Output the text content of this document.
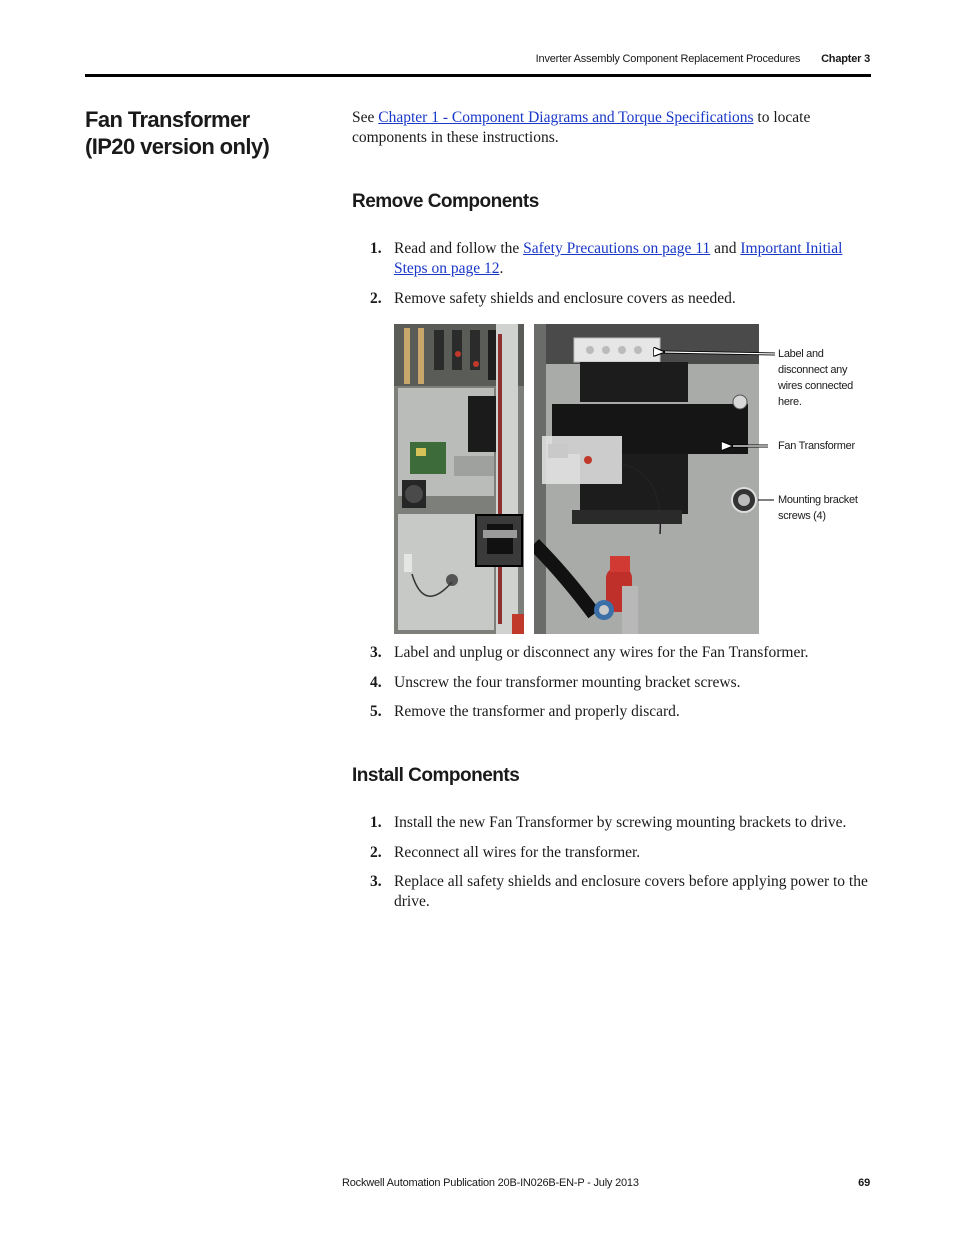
Inverter Assembly Component Replacement Procedures Chapter 3
Fan Transformer
(IP20 version only)
See Chapter 1 - Component Diagrams and Torque Specifications to locate components in these instructions.
Remove Components
1. Read and follow the Safety Precautions on page 11 and Important Initial Steps on page 12.
2. Remove safety shields and enclosure covers as needed.
Label and disconnect any wires connected here.
Fan Transformer
Mounting bracket screws (4)
3. Label and unplug or disconnect any wires for the Fan Transformer.
4. Unscrew the four transformer mounting bracket screws.
5. Remove the transformer and properly discard.
Install Components
1. Install the new Fan Transformer by screwing mounting brackets to drive.
2. Reconnect all wires for the transformer.
3. Replace all safety shields and enclosure covers before applying power to the drive.
Rockwell Automation Publication 20B-IN026B-EN-P - July 2013	69
